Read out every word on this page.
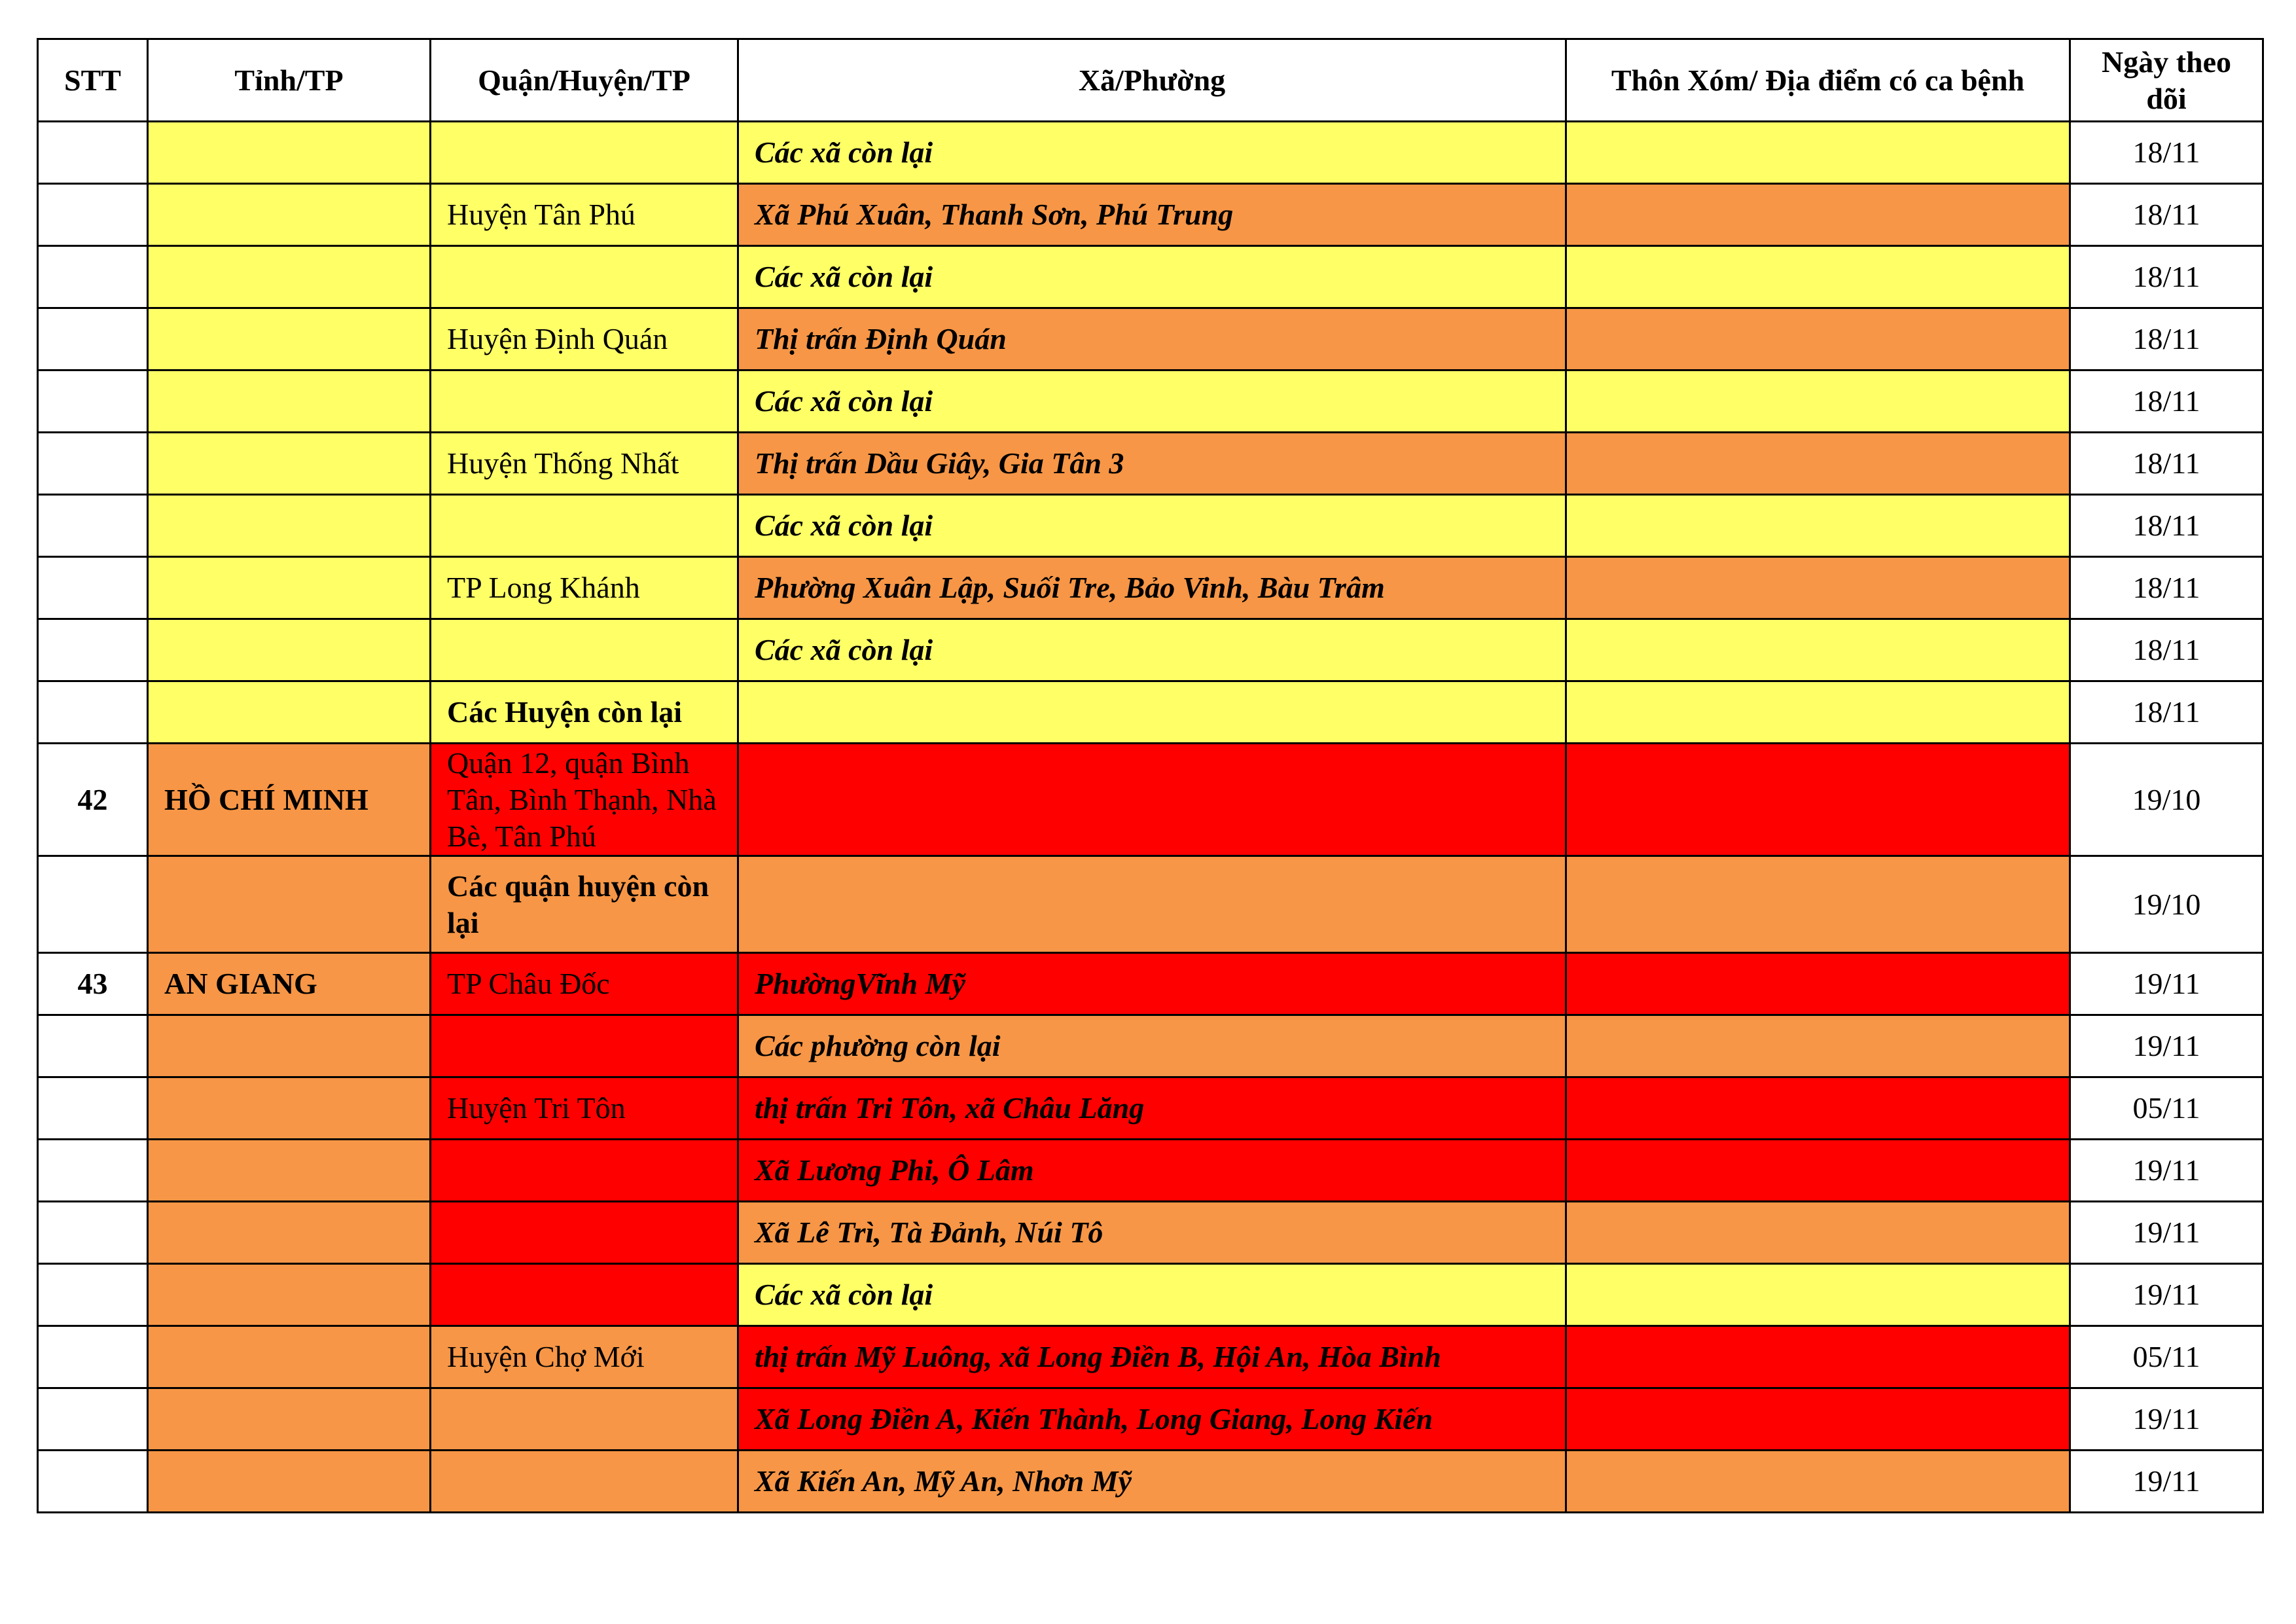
STT	Tỉnh/TP	Quận/Huyện/TP	Xã/Phường	Thôn Xóm/ Địa điểm có ca bệnh	Ngày theo dõi
			Các xã còn lại		18/11
		Huyện Tân Phú	Xã Phú Xuân, Thanh Sơn, Phú Trung		18/11
			Các xã còn lại		18/11
		Huyện Định Quán	Thị trấn Định Quán		18/11
			Các xã còn lại		18/11
		Huyện Thống Nhất	Thị trấn Dầu Giây, Gia Tân 3		18/11
			Các xã còn lại		18/11
		TP Long Khánh	Phường Xuân Lập, Suối Tre, Bảo Vinh, Bàu Trâm		18/11
			Các xã còn lại		18/11
		Các Huyện còn lại			18/11
42	HỒ CHÍ MINH	Quận 12, quận Bình Tân, Bình Thạnh, Nhà Bè, Tân Phú			19/10
		Các quận huyện còn lại			19/10
43	AN GIANG	TP Châu Đốc	PhườngVĩnh Mỹ		19/11
			Các phường còn lại		19/11
		Huyện Tri Tôn	thị trấn Tri Tôn, xã Châu Lăng		05/11
			Xã Lương Phi, Ô Lâm		19/11
			Xã Lê Trì, Tà Đảnh, Núi Tô		19/11
			Các xã còn lại		19/11
		Huyện Chợ Mới	thị trấn Mỹ Luông, xã Long Điền B, Hội An, Hòa Bình		05/11
			Xã Long Điền A, Kiến Thành, Long Giang, Long Kiến		19/11
			Xã Kiến An, Mỹ An, Nhơn Mỹ		19/11
